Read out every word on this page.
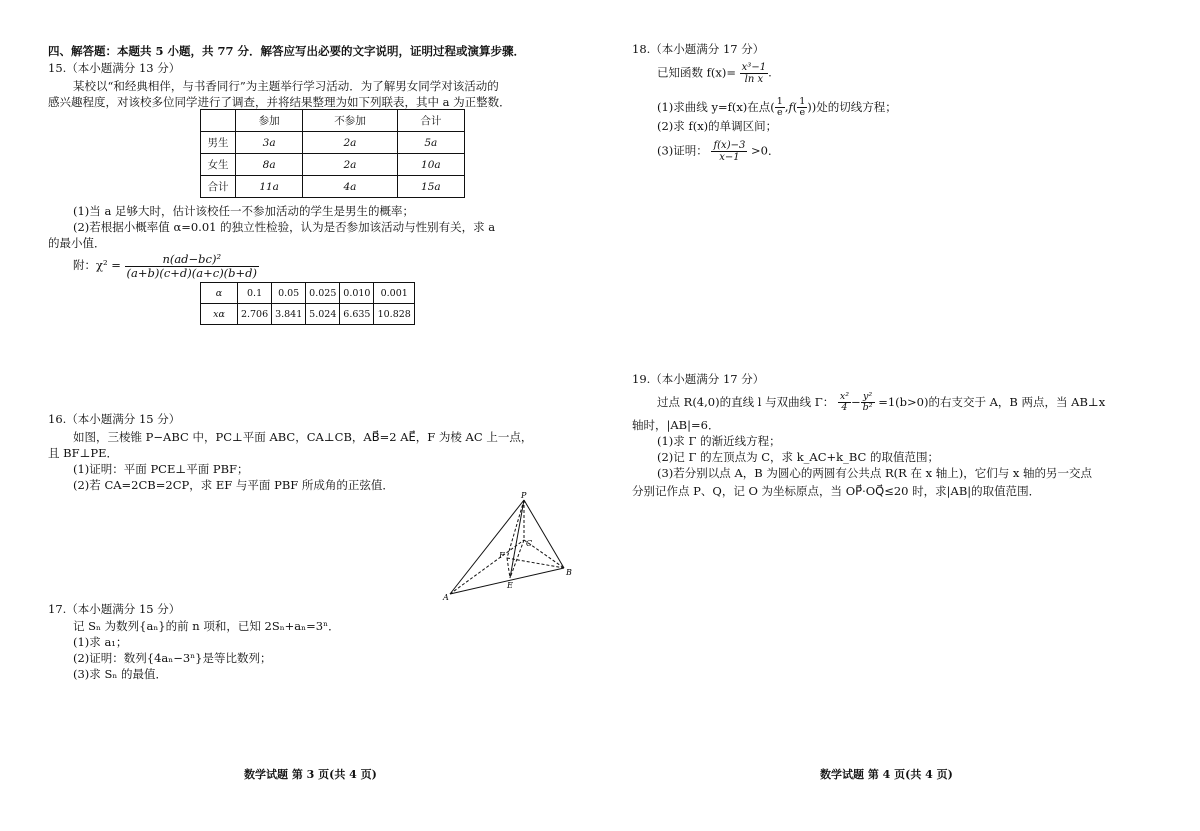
四、解答题：本题共 5 小题，共 77 分．解答应写出必要的文字说明，证明过程或演算步骤．
15.（本小题满分 13 分）
某校以“和经典相伴，与书香同行”为主题举行学习活动．为了解男女同学对该活动的
感兴趣程度，对该校多位同学进行了调查，并将结果整理为如下列联表，其中 a 为正整数．
	参加	不参加	合计
男生	3a	2a	5a
女生	8a	2a	10a
合计	11a	4a	15a
(1)当 a 足够大时，估计该校任一不参加活动的学生是男生的概率；
(2)若根据小概率值 α=0.01 的独立性检验，认为是否参加该活动与性别有关，求 a
的最小值．
附：$\chi^2 = \frac{\text{n(ad−bc)²}}{(a+b)(c+d)(a+c)(b+d)}$
α	0.1	0.05	0.025	0.010	0.001
xα	2.706	3.841	5.024	6.635	10.828
16.（本小题满分 15 分）
如图，三棱锥 P−ABC 中，PC⊥平面 ABC，CA⊥CB，AB⃗=2 AE⃗，F 为棱 AC 上一点，
且 BF⊥PE．
(1)证明：平面 PCE⊥平面 PBF；
(2)若 CA=2CB=2CP，求 EF 与平面 PBF 所成角的正弦值．
17.（本小题满分 15 分）
记 Sₙ 为数列{aₙ}的前 n 项和，已知 2Sₙ+aₙ=3ⁿ．
(1)求 a₁；
(2)证明：数列{4aₙ−3ⁿ}是等比数列；
(3)求 Sₙ 的最值．
数学试题 第 3 页(共 4 页)
P
A
B
C
E
F
18.（本小题满分 17 分）
已知函数 $f(x)= \frac{\text{x³−1}}{\text{ln x}}$ .
(1)求曲线 y=f(x)在点( $\frac{1}{e} ,f( \frac{1}{e}$ ))处的切线方程；
(2)求 f(x)的单调区间；
(3)证明： $\frac{f(x)-3}{x-1} >0$．
19.（本小题满分 17 分）
过点 R(4,0)的直线 l 与双曲线 Γ： $\frac{\text{x²}}{4} - \frac{\text{y²}}{\text{b²}} =1(b>0)$的右支交于 A，B 两点，当 AB⊥x
轴时，|AB|=6．
(1)求 Γ 的渐近线方程；
(2)记 Γ 的左顶点为 C，求 k_AC+k_BC 的取值范围；
(3)若分别以点 A，B 为圆心的两圆有公共点 R(R 在 x 轴上)，它们与 x 轴的另一交点
分别记作点 P、Q，记 O 为坐标原点，当 OP⃗·OQ⃗≤20 时，求|AB|的取值范围．
数学试题 第 4 页(共 4 页)
